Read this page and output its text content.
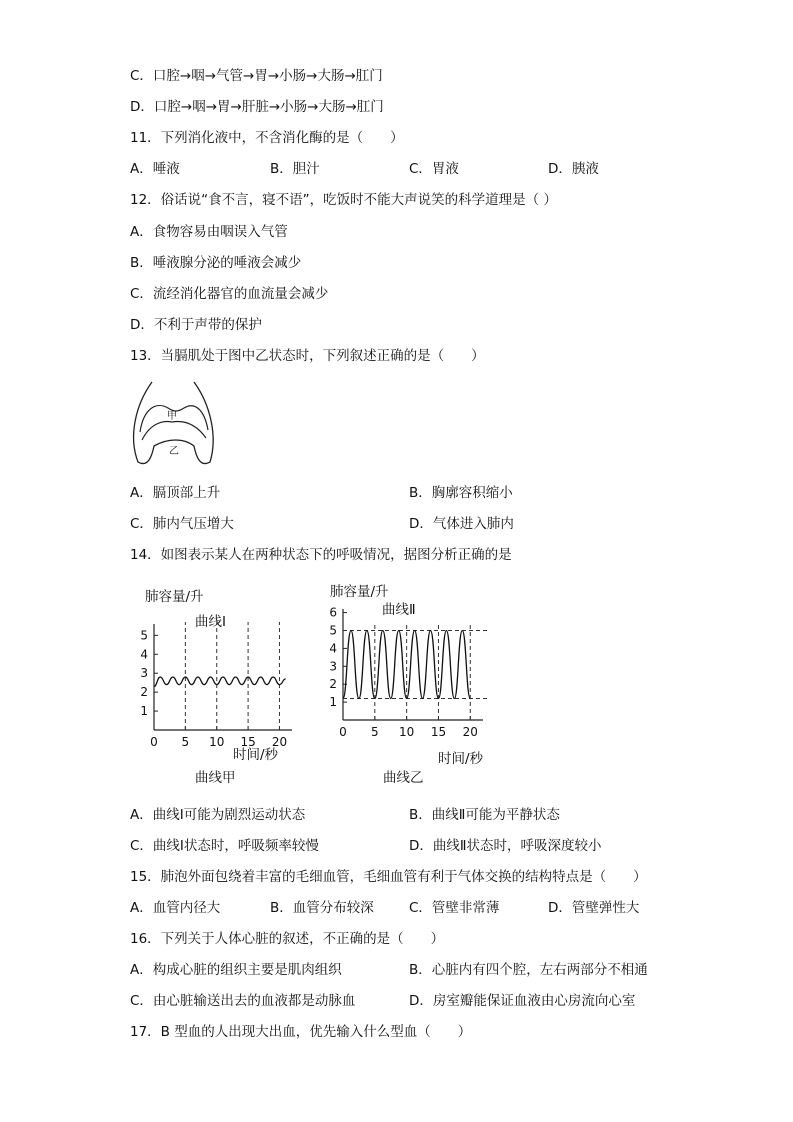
C．口腔→咽→气管→胃→小肠→大肠→肛门
D．口腔→咽→胃→肝脏→小肠→大肠→肛门
11．下列消化液中，不含消化酶的是（　　）
A．唾液	B．胆汁	C．胃液	D．胰液
12．俗话说“食不言，寝不语”，吃饭时不能大声说笑的科学道理是（ ）
A．食物容易由咽误入气管
B．唾液腺分泌的唾液会减少
C．流经消化器官的血流量会减少
D．不利于声带的保护
13．当膈肌处于图中乙状态时，下列叙述正确的是（　　）
甲
乙
A．膈顶部上升	B．胸廓容积缩小
C．肺内气压增大	D．气体进入肺内
14．如图表示某人在两种状态下的呼吸情况，据图分析正确的是
肺容量/升
曲线Ⅰ
1
2
3
4
5
0 5 10 15 20
时间/秒
曲线甲
肺容量/升
曲线Ⅱ
1
2
3
4
5
6
0 5 10 15 20
时间/秒
曲线乙
A．曲线Ⅰ可能为剧烈运动状态	B．曲线Ⅱ可能为平静状态
C．曲线Ⅰ状态时，呼吸频率较慢	D．曲线Ⅱ状态时，呼吸深度较小
15．肺泡外面包绕着丰富的毛细血管，毛细血管有利于气体交换的结构特点是（　　）
A．血管内径大	B．血管分布较深	C．管壁非常薄	D．管壁弹性大
16．下列关于人体心脏的叙述，不正确的是（　　）
A．构成心脏的组织主要是肌肉组织	B．心脏内有四个腔，左右两部分不相通
C．由心脏输送出去的血液都是动脉血	D．房室瓣能保证血液由心房流向心室
17．B 型血的人出现大出血，优先输入什么型血（　　）
